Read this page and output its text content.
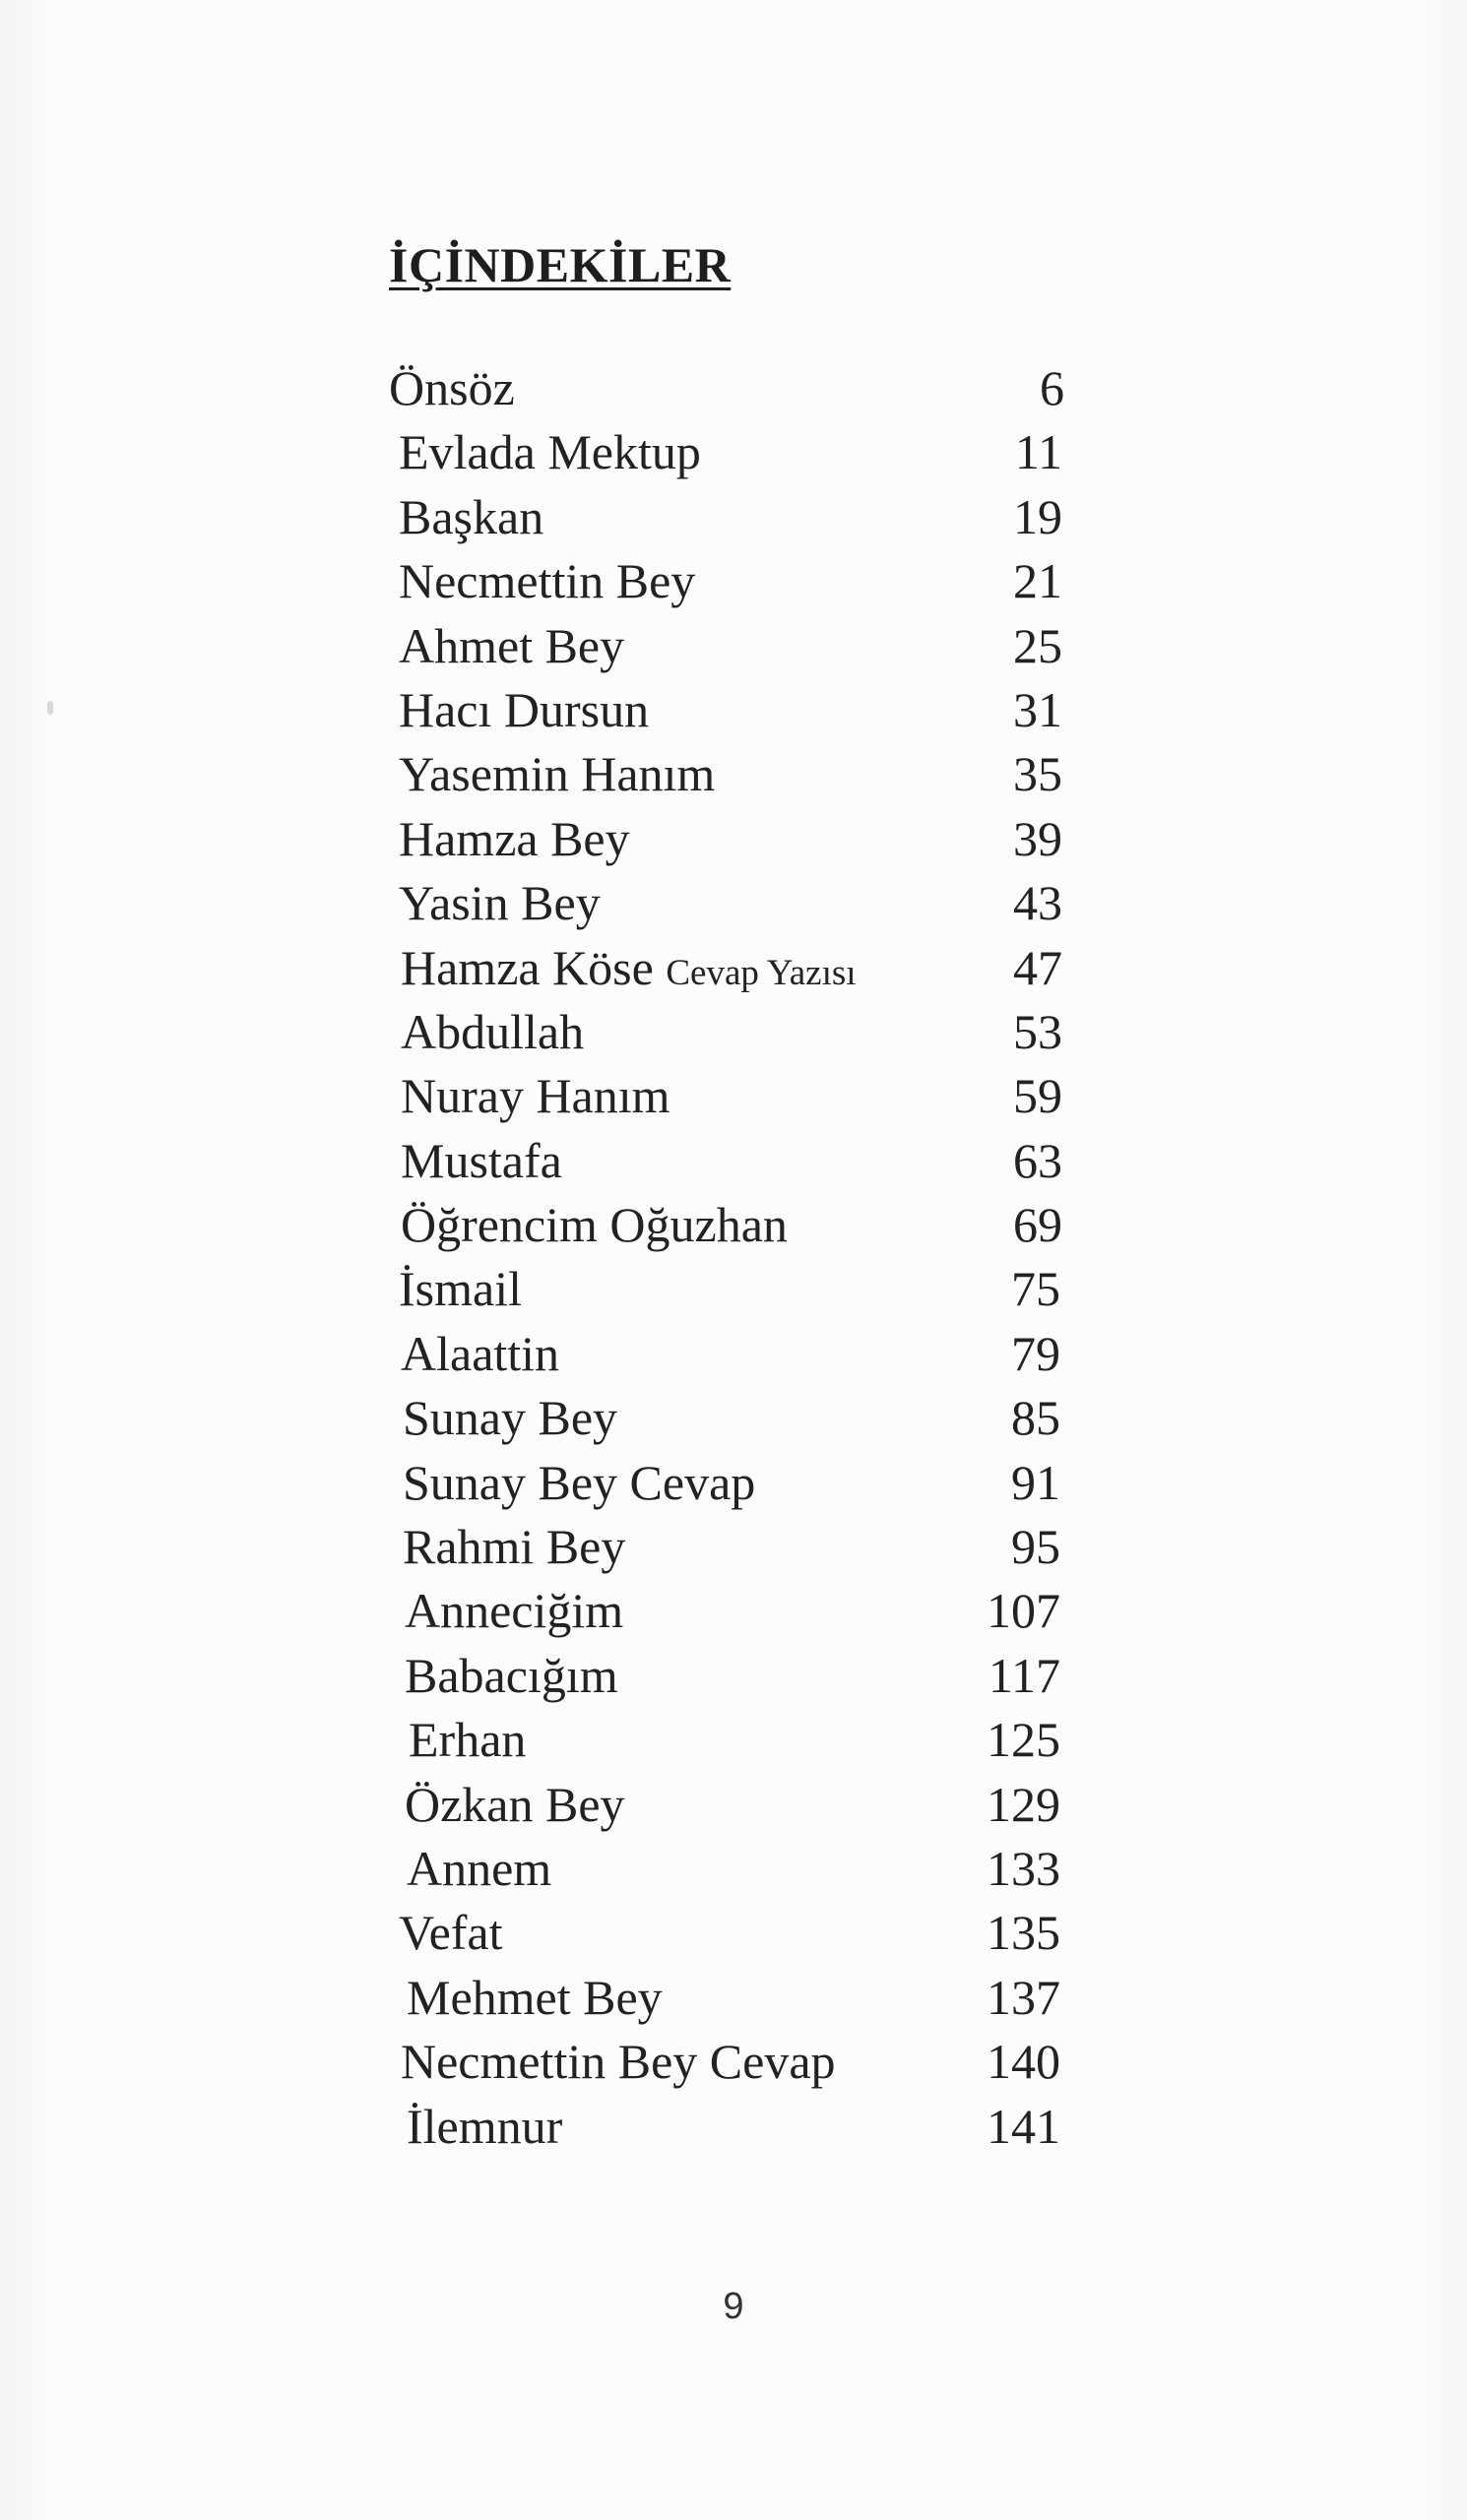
İÇİNDEKİLER
Önsöz	6
Evlada Mektup	11
Başkan	19
Necmettin Bey	21
Ahmet Bey	25
Hacı Dursun	31
Yasemin Hanım	35
Hamza Bey	39
Yasin Bey	43
Hamza Köse Cevap Yazısı	47
Abdullah	53
Nuray Hanım	59
Mustafa	63
Öğrencim Oğuzhan	69
İsmail	75
Alaattin	79
Sunay Bey	85
Sunay Bey Cevap	91
Rahmi Bey	95
Anneciğim	107
Babacığım	117
Erhan	125
Özkan Bey	129
Annem	133
Vefat	135
Mehmet Bey	137
Necmettin Bey Cevap	140
İlemnur	141
9
